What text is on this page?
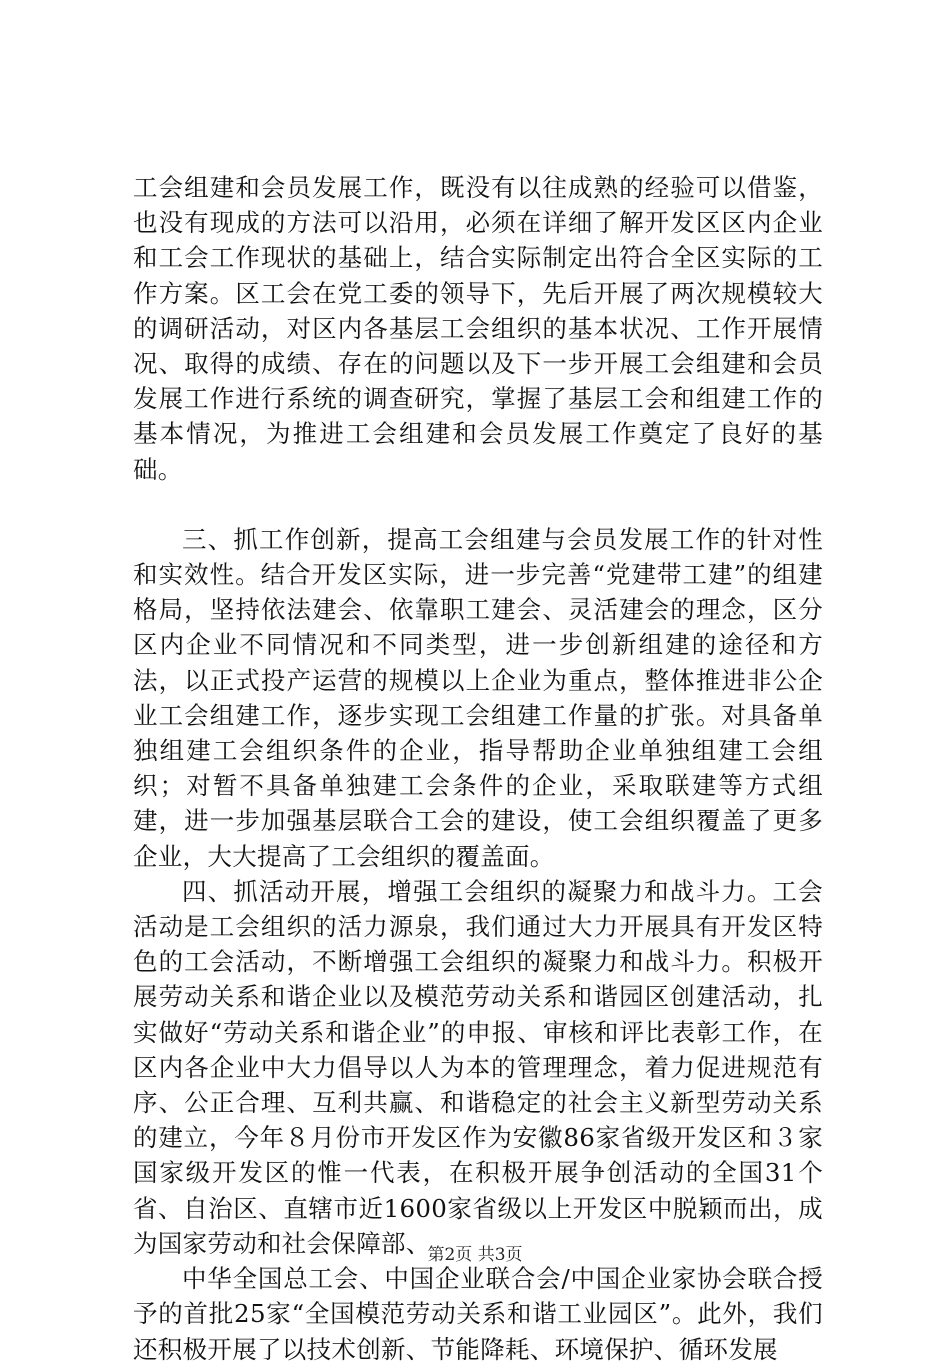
工会组建和会员发展工作，既没有以往成熟的经验可以借鉴，也没有现成的方法可以沿用，必须在详细了解开发区区内企业和工会工作现状的基础上，结合实际制定出符合全区实际的工作方案。区工会在党工委的领导下，先后开展了两次规模较大的调研活动，对区内各基层工会组织的基本状况、工作开展情况、取得的成绩、存在的问题以及下一步开展工会组建和会员发展工作进行系统的调查研究，掌握了基层工会和组建工作的基本情况，为推进工会组建和会员发展工作奠定了良好的基础。

三、抓工作创新，提高工会组建与会员发展工作的针对性和实效性。结合开发区实际，进一步完善“党建带工建”的组建格局，坚持依法建会、依靠职工建会、灵活建会的理念，区分区内企业不同情况和不同类型，进一步创新组建的途径和方法，以正式投产运营的规模以上企业为重点，整体推进非公企业工会组建工作，逐步实现工会组建工作量的扩张。对具备单独组建工会组织条件的企业，指导帮助企业单独组建工会组织；对暂不具备单独建工会条件的企业，采取联建等方式组建，进一步加强基层联合工会的建设，使工会组织覆盖了更多企业，大大提高了工会组织的覆盖面。

四、抓活动开展，增强工会组织的凝聚力和战斗力。工会活动是工会组织的活力源泉，我们通过大力开展具有开发区特色的工会活动，不断增强工会组织的凝聚力和战斗力。积极开展劳动关系和谐企业以及模范劳动关系和谐园区创建活动，扎实做好“劳动关系和谐企业”的申报、审核和评比表彰工作，在区内各企业中大力倡导以人为本的管理理念，着力促进规范有序、公正合理、互利共赢、和谐稳定的社会主义新型劳动关系的建立，今年８月份市开发区作为安徽86家省级开发区和３家国家级开发区的惟一代表，在积极开展争创活动的全国31个省、自治区、直辖市近1600家省级以上开发区中脱颖而出，成为国家劳动和社会保障部、

中华全国总工会、中国企业联合会/中国企业家协会联合授予的首批25家“全国模范劳动关系和谐工业园区”。此外，我们还积极开展了以技术创新、节能降耗、环境保护、循环发展

第2页 共3页
